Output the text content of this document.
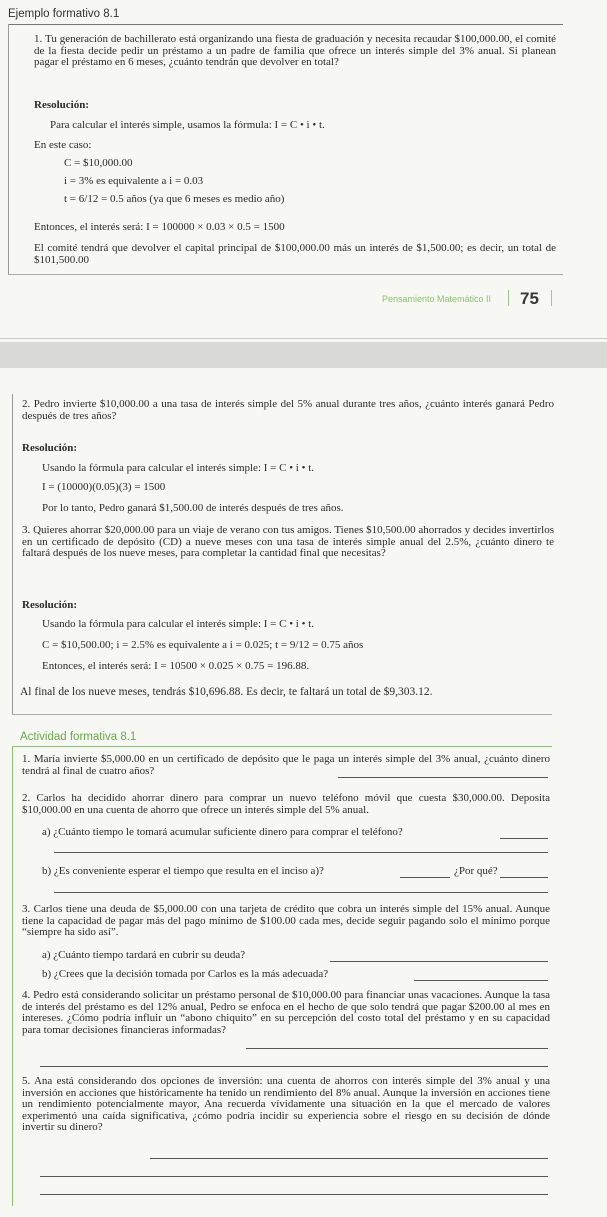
Ejemplo formativo 8.1
1. Tu generación de bachillerato está organizando una fiesta de graduación y necesita recaudar $100,000.00, el comité de la fiesta decide pedir un préstamo a un padre de familia que ofrece un interés simple del 3% anual. Si planean pagar el préstamo en 6 meses, ¿cuánto tendrán que devolver en total?
Resolución:
Para calcular el interés simple, usamos la fórmula: I = C • i • t.
En este caso:
C = $10,000.00
i = 3% es equivalente a i = 0.03
t = 6/12 = 0.5 años (ya que 6 meses es medio año)
Entonces, el interés será: I = 100000 × 0.03 × 0.5 = 1500
El comité tendrá que devolver el capital principal de $100,000.00 más un interés de $1,500.00; es decir, un total de $101,500.00
Pensamiento Matemático II 75
2. Pedro invierte $10,000.00 a una tasa de interés simple del 5% anual durante tres años, ¿cuánto interés ganará Pedro después de tres años?
Resolución:
Usando la fórmula para calcular el interés simple: I = C • i • t.
I = (10000)(0.05)(3) = 1500
Por lo tanto, Pedro ganará $1,500.00 de interés después de tres años.
3. Quieres ahorrar $20,000.00 para un viaje de verano con tus amigos. Tienes $10,500.00 ahorrados y decides invertirlos en un certificado de depósito (CD) a nueve meses con una tasa de interés simple anual del 2.5%, ¿cuánto dinero te faltará después de los nueve meses, para completar la cantidad final que necesitas?
Resolución:
Usando la fórmula para calcular el interés simple: I = C • i • t.
C = $10,500.00; i = 2.5% es equivalente a i = 0.025; t = 9/12 = 0.75 años
Entonces, el interés será: I = 10500 × 0.025 × 0.75 = 196.88.
Al final de los nueve meses, tendrás $10,696.88. Es decir, te faltará un total de $9,303.12.
Actividad formativa 8.1
1. María invierte $5,000.00 en un certificado de depósito que le paga un interés simple del 3% anual, ¿cuánto dinero tendrá al final de cuatro años?
2. Carlos ha decidido ahorrar dinero para comprar un nuevo teléfono móvil que cuesta $30,000.00. Deposita $10,000.00 en una cuenta de ahorro que ofrece un interés simple del 5% anual.
a) ¿Cuánto tiempo le tomará acumular suficiente dinero para comprar el teléfono?
b) ¿Es conveniente esperar el tiempo que resulta en el inciso a)?	¿Por qué?
3. Carlos tiene una deuda de $5,000.00 con una tarjeta de crédito que cobra un interés simple del 15% anual. Aunque tiene la capacidad de pagar más del pago mínimo de $100.00 cada mes, decide seguir pagando solo el mínimo porque “siempre ha sido así”.
a) ¿Cuánto tiempo tardará en cubrir su deuda?
b) ¿Crees que la decisión tomada por Carlos es la más adecuada?
4. Pedro está considerando solicitar un préstamo personal de $10,000.00 para financiar unas vacaciones. Aunque la tasa de interés del préstamo es del 12% anual, Pedro se enfoca en el hecho de que solo tendrá que pagar $200.00 al mes en intereses. ¿Cómo podría influir un “abono chiquito” en su percepción del costo total del préstamo y en su capacidad para tomar decisiones financieras informadas?
5. Ana está considerando dos opciones de inversión: una cuenta de ahorros con interés simple del 3% anual y una inversión en acciones que históricamente ha tenido un rendimiento del 8% anual. Aunque la inversión en acciones tiene un rendimiento potencialmente mayor, Ana recuerda vívidamente una situación en la que el mercado de valores experimentó una caída significativa, ¿cómo podría incidir su experiencia sobre el riesgo en su decisión de dónde invertir su dinero?
